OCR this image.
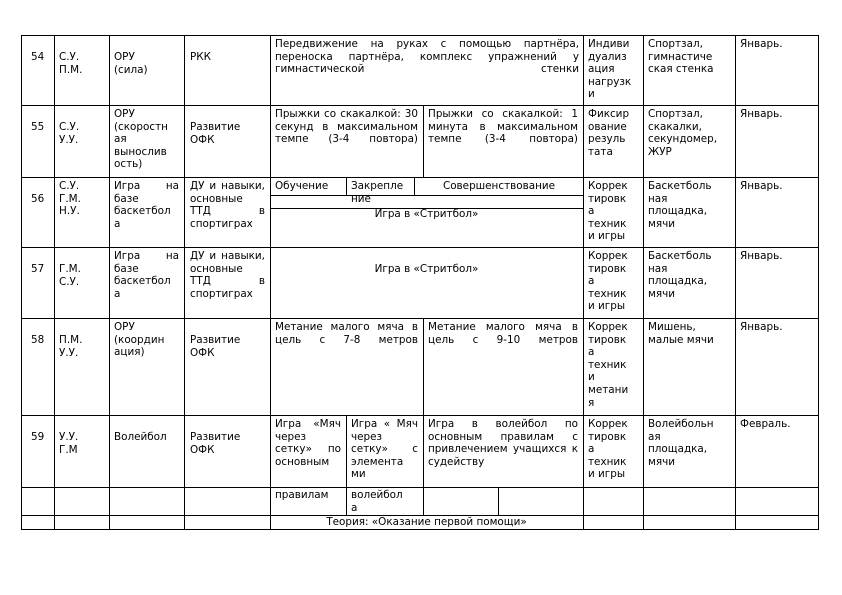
54 С.У.
П.М.
ОРУ
(сила)
РКК
Передвижение на руках с помощью партнёра, переноска партнёра, комплекс упражнений у гимнастической стенки
Индиви
дуализ
ация
нагрузк
и
Спортзал,
гимнастиче
ская стенка
Январь.
55 С.У.
У.У.
ОРУ
(скоростн
ая
вынослив
ость)
Развитие
ОФК
Прыжки со скакалкой: 30 секунд в максимальном темпе (3-4 повтора)
Прыжки со скакалкой: 1 минута в максимальном темпе (3-4 повтора)
Фиксир
ование
резуль
тата
Спортзал,
скакалки,
секундомер,
ЖУР
Январь.
56
С.У.
Г.М.
Н.У.
Игра на базе баскетбол а
ДУ и навыки, основные ТТД в спортиграх
Обучение Закрепле
ние
Совершенствование
Игра в «Стритбол»
Коррек
тировк
а
техник
и игры
Баскетболь
ная
площадка,
мячи
Январь.
57 Г.М.
С.У.
Игра на базе баскетбол а
ДУ и навыки, основные ТТД в спортиграх
Игра в «Стритбол»
Коррек
тировк
а
техник
и игры
Баскетболь
ная
площадка,
мячи
Январь.
58 П.М.
У.У.
ОРУ
(координ
ация)
Развитие
ОФК
Метание малого мяча в цель с 7-8 метров
Метание малого мяча в цель с 9-10 метров
Коррек
тировк
а
техник
и
метани
я
Мишень,
малые мячи
Январь.
59 У.У.
Г.М
Волейбол Развитие
ОФК
Игра «Мяч через сетку» по основным
Игра « Мяч через сетку» с элемента ми
Игра в волейбол по основным правилам с привлечением учащихся к судейству
Коррек
тировк
а
техник
и игры
Волейбольн
ая
площадка,
мячи
Февраль.
правилам волейбол
а
Теория: «Оказание первой помощи»
